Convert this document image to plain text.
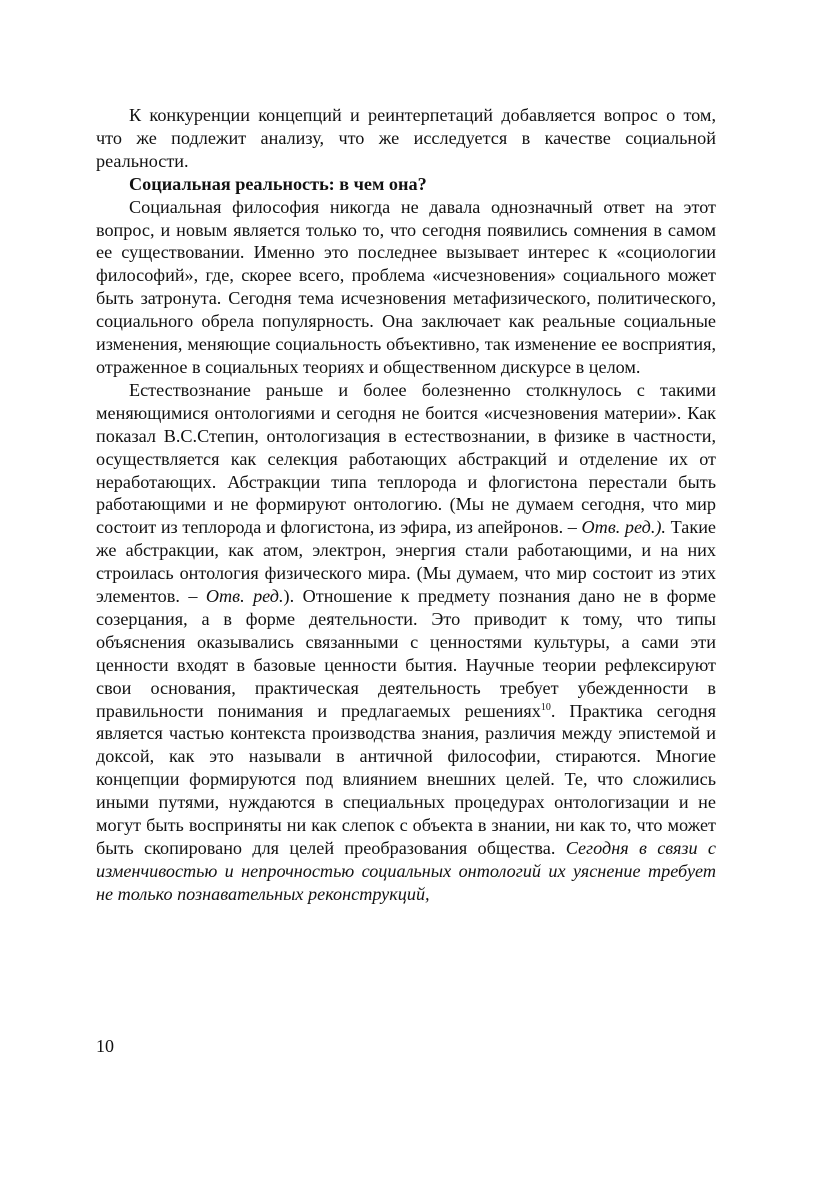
К конкуренции концепций и реинтерпетаций добавляется вопрос о том, что же подлежит анализу, что же исследуется в качестве социальной реальности.

Социальная реальность: в чем она?

Социальная философия никогда не давала однозначный ответ на этот вопрос, и новым является только то, что сегодня появились сомнения в самом ее существовании. Именно это последнее вызывает интерес к «социологии философий», где, скорее всего, проблема «исчезновения» социального может быть затронута. Сегодня тема исчезновения метафизического, политического, социального обрела популярность. Она заключает как реальные социальные изменения, меняющие социальность объективно, так изменение ее восприятия, отраженное в социальных теориях и общественном дискурсе в целом.

Естествознание раньше и более болезненно столкнулось с такими меняющимися онтологиями и сегодня не боится «исчезновения материи». Как показал В.С.Степин, онтологизация в естествознании, в физике в частности, осуществляется как селекция работающих абстракций и отделение их от неработающих. Абстракции типа теплорода и флогистона перестали быть работающими и не формируют онтологию. (Мы не думаем сегодня, что мир состоит из теплорода и флогистона, из эфира, из апейронов. – Отв. ред.). Такие же абстракции, как атом, электрон, энергия стали работающими, и на них строилась онтология физического мира. (Мы думаем, что мир состоит из этих элементов. – Отв. ред.). Отношение к предмету познания дано не в форме созерцания, а в форме деятельности. Это приводит к тому, что типы объяснения оказывались связанными с ценностями культуры, а сами эти ценности входят в базовые ценности бытия. Научные теории рефлексируют свои основания, практическая деятельность требует убежденности в правильности понимания и предлагаемых решениях$^{10}$. Практика сегодня является частью контекста производства знания, различия между эпистемой и доксой, как это называли в античной философии, стираются. Многие концепции формируются под влиянием внешних целей. Те, что сложились иными путями, нуждаются в специальных процедурах онтологизации и не могут быть восприняты ни как слепок с объекта в знании, ни как то, что может быть скопировано для целей преобразования общества. Сегодня в связи с изменчивостью и непрочностью социальных онтологий их уяснение требует не только познавательных реконструкций,

10
